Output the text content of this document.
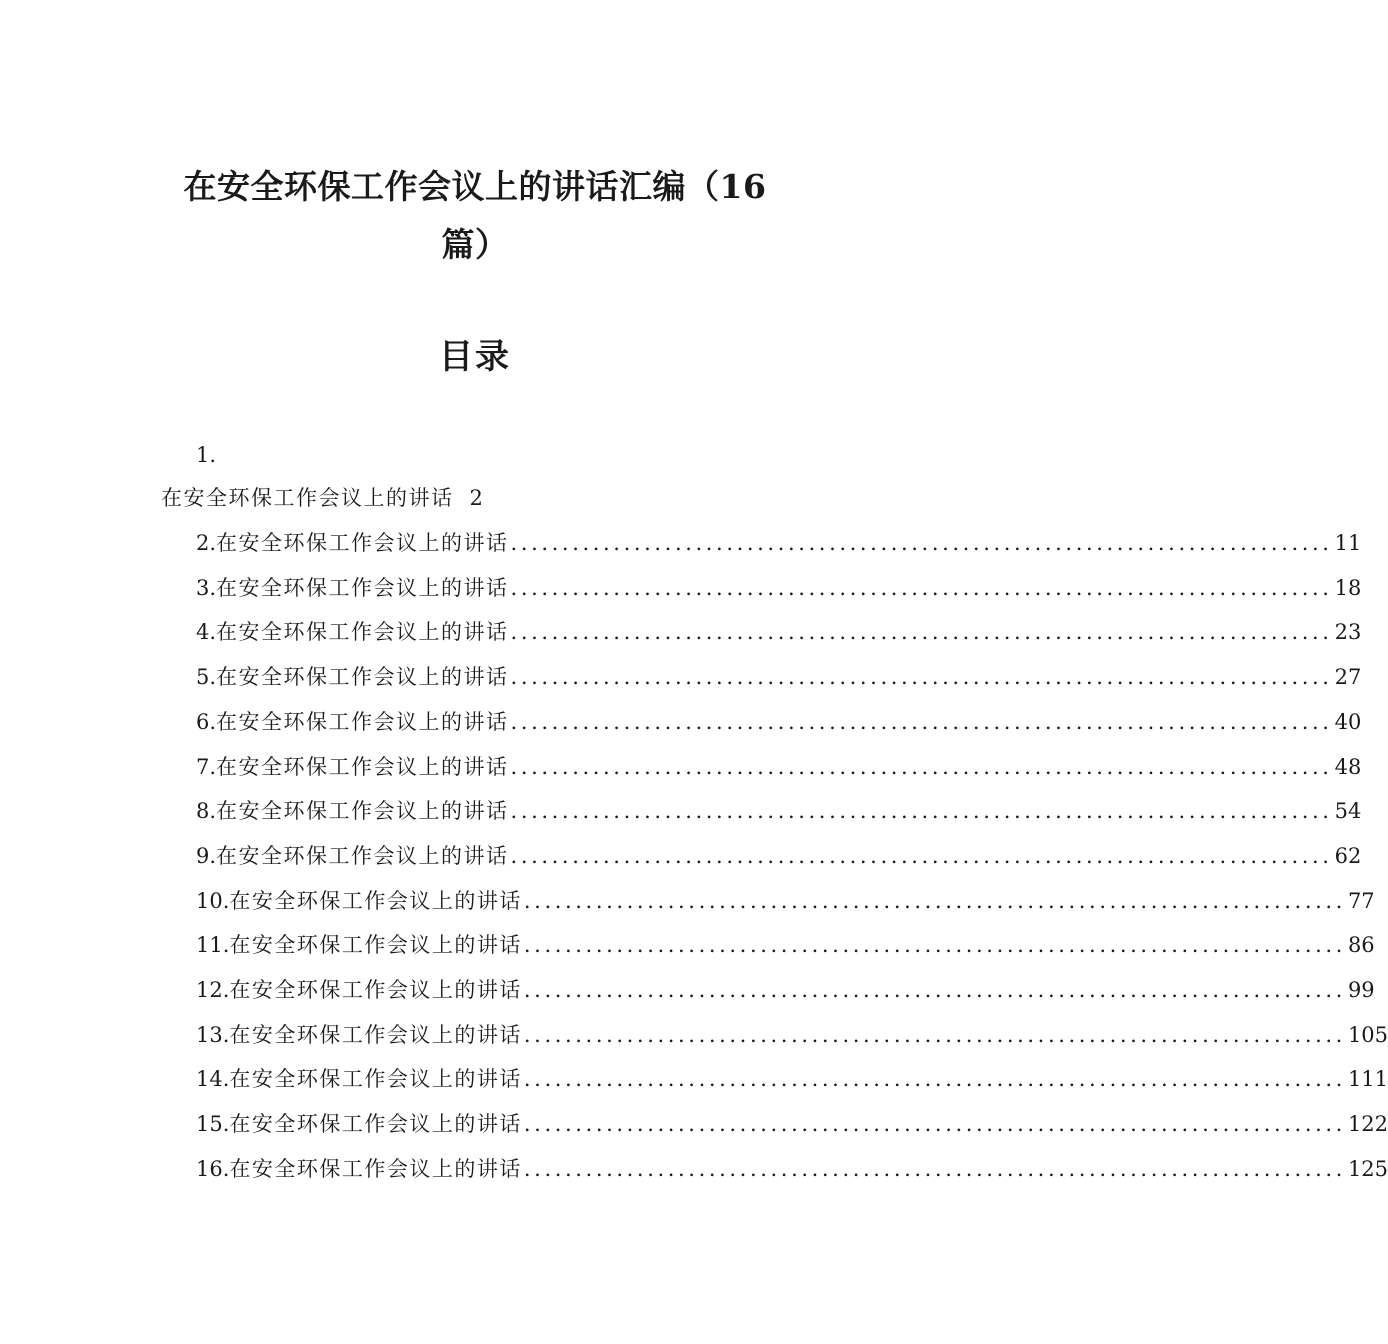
在安全环保工作会议上的讲话汇编（16
篇）
目录
1.
在安全环保工作会议上的讲话 2
2. 在安全环保工作会议上的讲话 ................................................................................ 11
3. 在安全环保工作会议上的讲话 ................................................................................ 18
4. 在安全环保工作会议上的讲话 ................................................................................ 23
5. 在安全环保工作会议上的讲话 ................................................................................ 27
6. 在安全环保工作会议上的讲话 ................................................................................ 40
7. 在安全环保工作会议上的讲话 ................................................................................ 48
8. 在安全环保工作会议上的讲话 ................................................................................ 54
9. 在安全环保工作会议上的讲话 ................................................................................ 62
10. 在安全环保工作会议上的讲话 ................................................................................ 77
11. 在安全环保工作会议上的讲话 ................................................................................ 86
12. 在安全环保工作会议上的讲话 ................................................................................ 99
13. 在安全环保工作会议上的讲话 ................................................................................ 105
14. 在安全环保工作会议上的讲话 ................................................................................ 111
15. 在安全环保工作会议上的讲话 ................................................................................ 122
16. 在安全环保工作会议上的讲话 ................................................................................ 125
